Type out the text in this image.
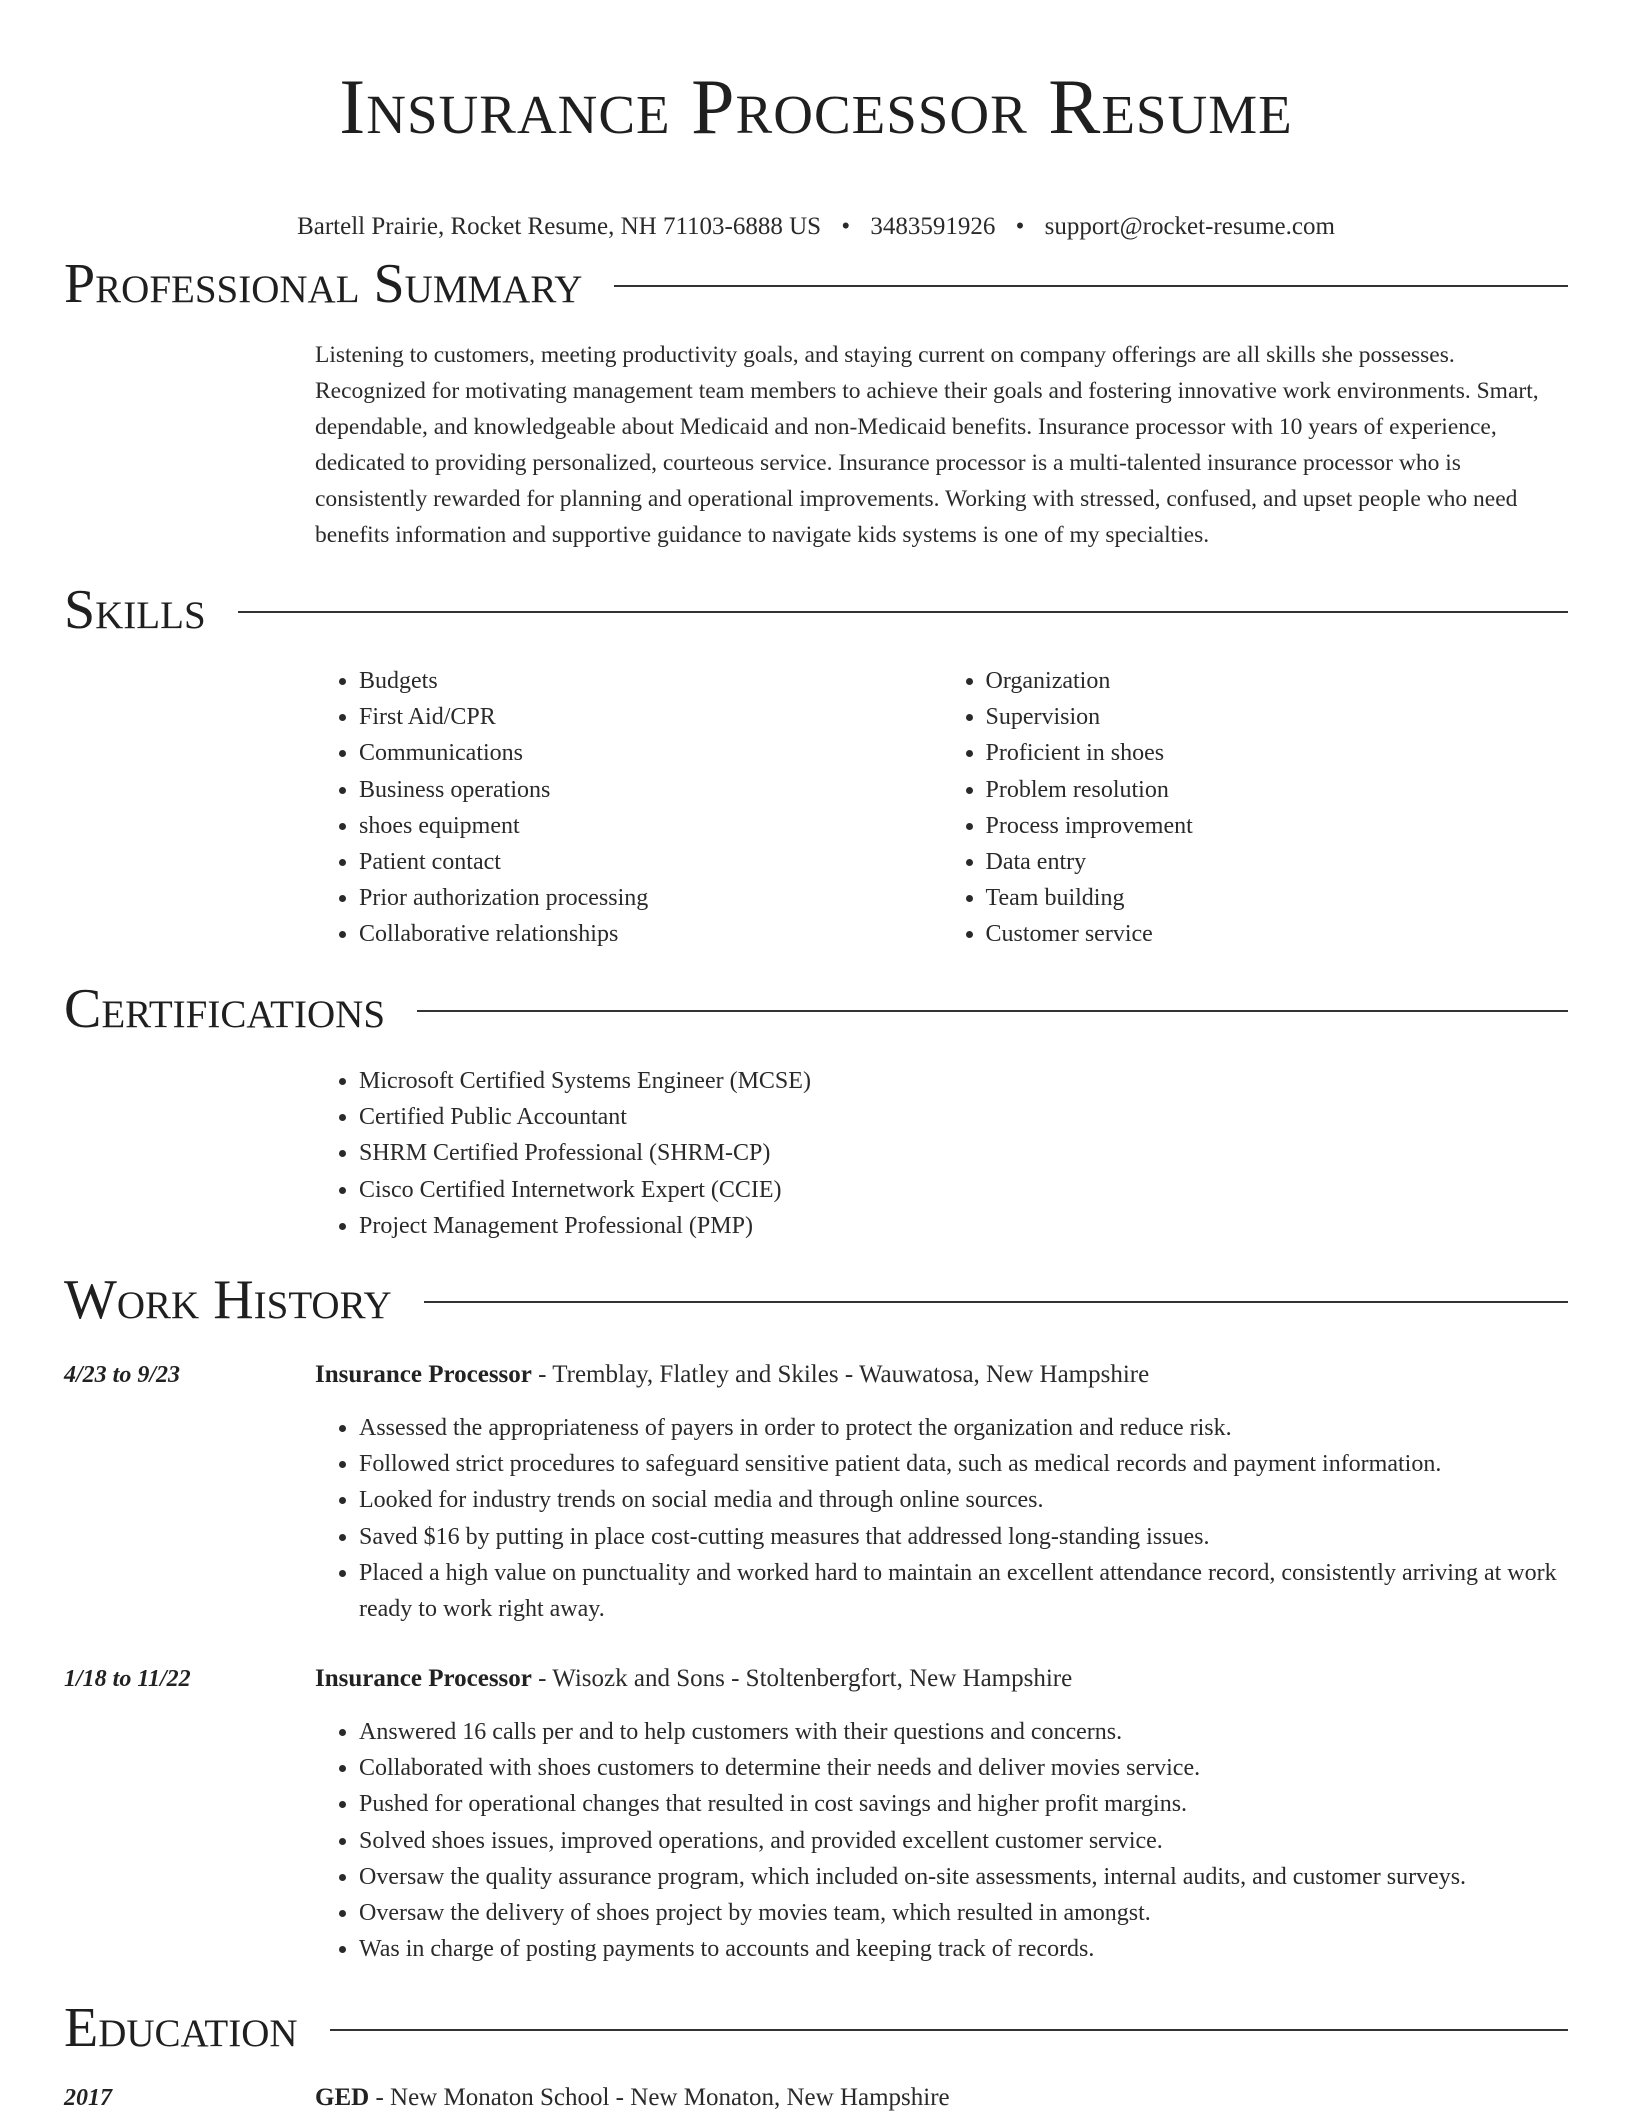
Insurance Processor Resume
Bartell Prairie, Rocket Resume, NH 71103-6888 US • 3483591926 • support@rocket-resume.com
Professional Summary

Listening to customers, meeting productivity goals, and staying current on company offerings are all skills she possesses. Recognized for motivating management team members to achieve their goals and fostering innovative work environments. Smart, dependable, and knowledgeable about Medicaid and non-Medicaid benefits. Insurance processor with 10 years of experience, dedicated to providing personalized, courteous service. Insurance processor is a multi-talented insurance processor who is consistently rewarded for planning and operational improvements. Working with stressed, confused, and upset people who need benefits information and supportive guidance to navigate kids systems is one of my specialties.

Skills
• Budgets
• First Aid/CPR
• Communications
• Business operations
• shoes equipment
• Patient contact
• Prior authorization processing
• Collaborative relationships
• Organization
• Supervision
• Proficient in shoes
• Problem resolution
• Process improvement
• Data entry
• Team building
• Customer service
Certifications
• Microsoft Certified Systems Engineer (MCSE)
• Certified Public Accountant
• SHRM Certified Professional (SHRM-CP)
• Cisco Certified Internetwork Expert (CCIE)
• Project Management Professional (PMP)
Work History
4/23 to 9/23	Insurance Processor - Tremblay, Flatley and Skiles - Wauwatosa, New Hampshire
• Assessed the appropriateness of payers in order to protect the organization and reduce risk.
• Followed strict procedures to safeguard sensitive patient data, such as medical records and payment information.
• Looked for industry trends on social media and through online sources.
• Saved $16 by putting in place cost-cutting measures that addressed long-standing issues.
• Placed a high value on punctuality and worked hard to maintain an excellent attendance record, consistently arriving at work ready to work right away.
1/18 to 11/22	Insurance Processor - Wisozk and Sons - Stoltenbergfort, New Hampshire
• Answered 16 calls per and to help customers with their questions and concerns.
• Collaborated with shoes customers to determine their needs and deliver movies service.
• Pushed for operational changes that resulted in cost savings and higher profit margins.
• Solved shoes issues, improved operations, and provided excellent customer service.
• Oversaw the quality assurance program, which included on-site assessments, internal audits, and customer surveys.
• Oversaw the delivery of shoes project by movies team, which resulted in amongst.
• Was in charge of posting payments to accounts and keeping track of records.
Education
2017	GED - New Monaton School - New Monaton, New Hampshire
